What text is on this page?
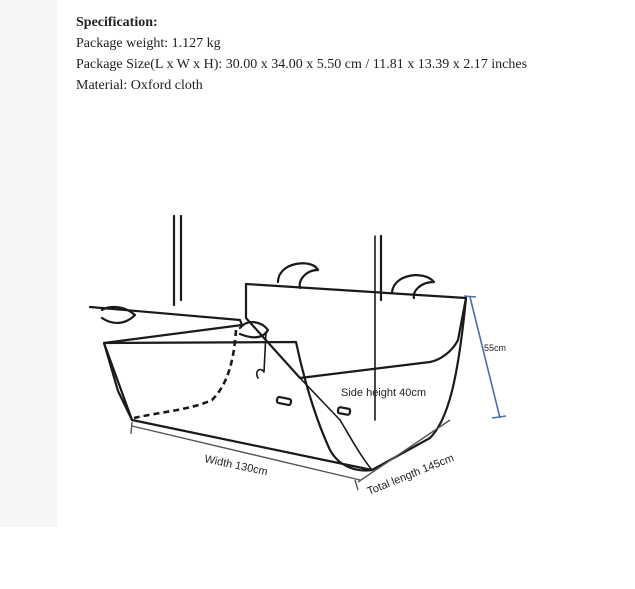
Specification:
Package weight: 1.127 kg
Package Size(L x W x H): 30.00 x 34.00 x 5.50 cm / 11.81 x 13.39 x 2.17 inches
Material: Oxford cloth
55cm
Side height 40cm
Width 130cm	Total length 145cm
